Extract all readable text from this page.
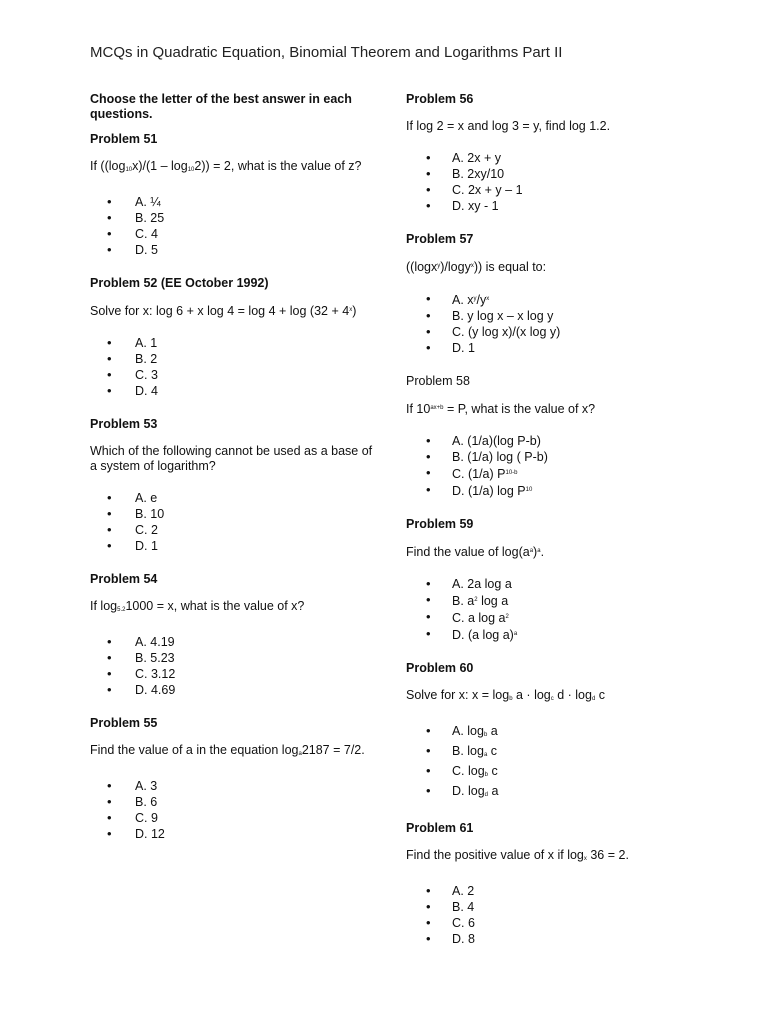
MCQs in Quadratic Equation, Binomial Theorem and Logarithms Part II

Choose the letter of the best answer in each questions.

Problem 51

If $((\log_{10}x)/(1 - \log_{10}2)) = 2$, what is the value of z?

• A. ¼
• B. 25
• C. 4
• D. 5

Problem 52 (EE October 1992)

Solve for x: log 6 + x $\log 4 = \log 4 + \log (32 + 4^x)$

• A. 1
• B. 2
• C. 3
• D. 4

Problem 53

Which of the following cannot be used as a base of a system of logarithm?

• A. e
• B. 10
• C. 2
• D. 1

Problem 54

If $\log_{5.2}1000 = x$, what is the value of x?

• A. 4.19
• B. 5.23
• C. 3.12
• D. 4.69

Problem 55

Find the value of a in the equation $\log_a2187 = 7/2$.

• A. 3
• B. 6
• C. 9
• D. 12

Problem 56

If log 2 = x and log 3 = y, find log 1.2.

• A. 2x + y
• B. 2xy/10
• C. 2x + y – 1
• D. xy - 1

Problem 57

((logx$^y$)/logy$^x$)) is equal to:

• A. $x^y/y^x$
• B. y log x – x log y
• C. (y log x)/(x log y)
• D. 1

Problem 58

If $10^{ax+b} = P$, what is the value of x?

• A. (1/a)(log P-b)
• B. (1/a) log ( P-b)
• C. (1/a) $P^{10-b}$
• D. (1/a) $\log P^{10}$

Problem 59

Find the value of $\log(a^a)^a$.

• A. 2a log a
• B. $a^2$ log a
• C. a $\log a^2$
• D. (a log a)$^a$

Problem 60

Solve for x: $x = \log_b a \cdot \log_c d \cdot \log_d c$

• A. $\log_b a$
• B. $\log_a c$
• C. $\log_b c$
• D. $\log_d a$

Problem 61

Find the positive value of x if $\log_x 36 = 2$.

• A. 2
• B. 4
• C. 6
• D. 8
